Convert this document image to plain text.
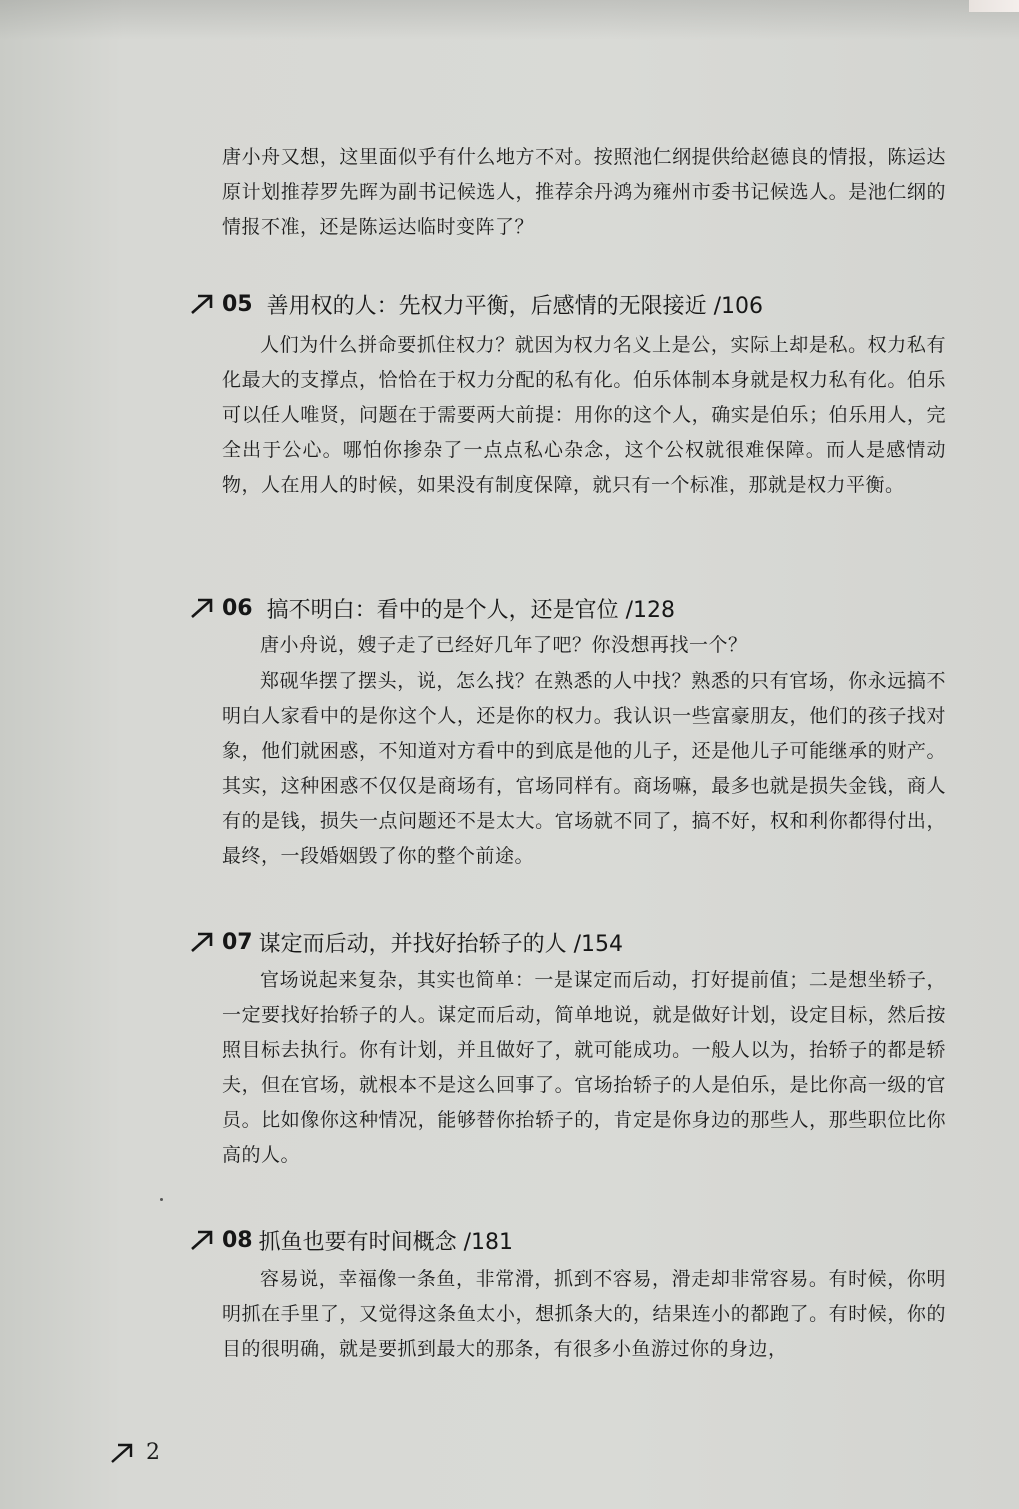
唐小舟又想，这里面似乎有什么地方不对。按照池仁纲提供给赵德良的情报，陈运达原计划推荐罗先晖为副书记候选人，推荐余丹鸿为雍州市委书记候选人。是池仁纲的情报不准，还是陈运达临时变阵了？

05 善用权的人：先权力平衡，后感情的无限接近 /106

人们为什么拼命要抓住权力？就因为权力名义上是公，实际上却是私。权力私有化最大的支撑点，恰恰在于权力分配的私有化。伯乐体制本身就是权力私有化。伯乐可以任人唯贤，问题在于需要两大前提：用你的这个人，确实是伯乐；伯乐用人，完全出于公心。哪怕你掺杂了一点点私心杂念，这个公权就很难保障。而人是感情动物，人在用人的时候，如果没有制度保障，就只有一个标准，那就是权力平衡。

06 搞不明白：看中的是个人，还是官位 /128

唐小舟说，嫂子走了已经好几年了吧？你没想再找一个？

郑砚华摆了摆头，说，怎么找？在熟悉的人中找？熟悉的只有官场，你永远搞不明白人家看中的是你这个人，还是你的权力。我认识一些富豪朋友，他们的孩子找对象，他们就困惑，不知道对方看中的到底是他的儿子，还是他儿子可能继承的财产。其实，这种困惑不仅仅是商场有，官场同样有。商场嘛，最多也就是损失金钱，商人有的是钱，损失一点问题还不是太大。官场就不同了，搞不好，权和利你都得付出，最终，一段婚姻毁了你的整个前途。

07 谋定而后动，并找好抬轿子的人 /154

官场说起来复杂，其实也简单：一是谋定而后动，打好提前值；二是想坐轿子，一定要找好抬轿子的人。谋定而后动，简单地说，就是做好计划，设定目标，然后按照目标去执行。你有计划，并且做好了，就可能成功。一般人以为，抬轿子的都是轿夫，但在官场，就根本不是这么回事了。官场抬轿子的人是伯乐，是比你高一级的官员。比如像你这种情况，能够替你抬轿子的，肯定是你身边的那些人，那些职位比你高的人。

08 抓鱼也要有时间概念 /181

容易说，幸福像一条鱼，非常滑，抓到不容易，滑走却非常容易。有时候，你明明抓在手里了，又觉得这条鱼太小，想抓条大的，结果连小的都跑了。有时候，你的目的很明确，就是要抓到最大的那条，有很多小鱼游过你的身边，

2
